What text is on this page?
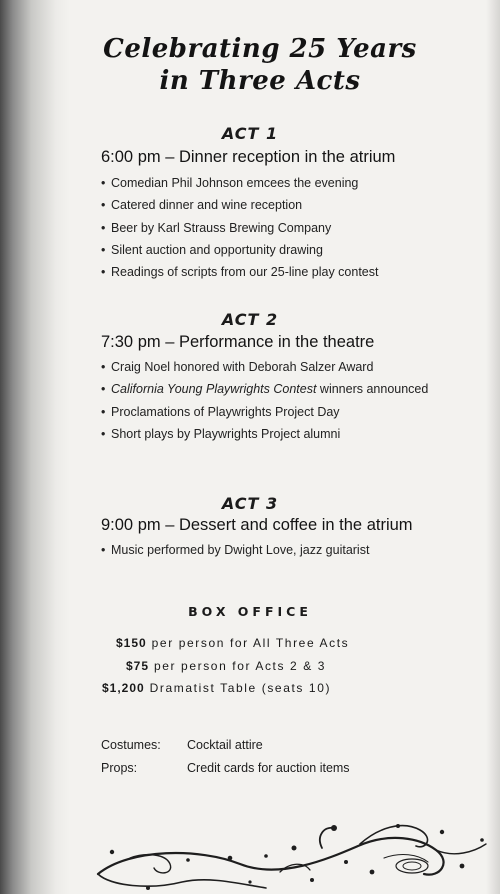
Celebrating 25 Years
in Three Acts
ACT 1
6:00 pm – Dinner reception in the atrium
• Comedian Phil Johnson emcees the evening
• Catered dinner and wine reception
• Beer by Karl Strauss Brewing Company
• Silent auction and opportunity drawing
• Readings of scripts from our 25-line play contest
ACT 2
7:30 pm – Performance in the theatre
• Craig Noel honored with Deborah Salzer Award
• California Young Playwrights Contest winners announced
• Proclamations of Playwrights Project Day
• Short plays by Playwrights Project alumni
ACT 3
9:00 pm – Dessert and coffee in the atrium
• Music performed by Dwight Love, jazz guitarist
BOX OFFICE
$150 per person for All Three Acts
$75 per person for Acts 2 & 3
$1,200 Dramatist Table (seats 10)
Costumes: Cocktail attire
Props:	Credit cards for auction items
